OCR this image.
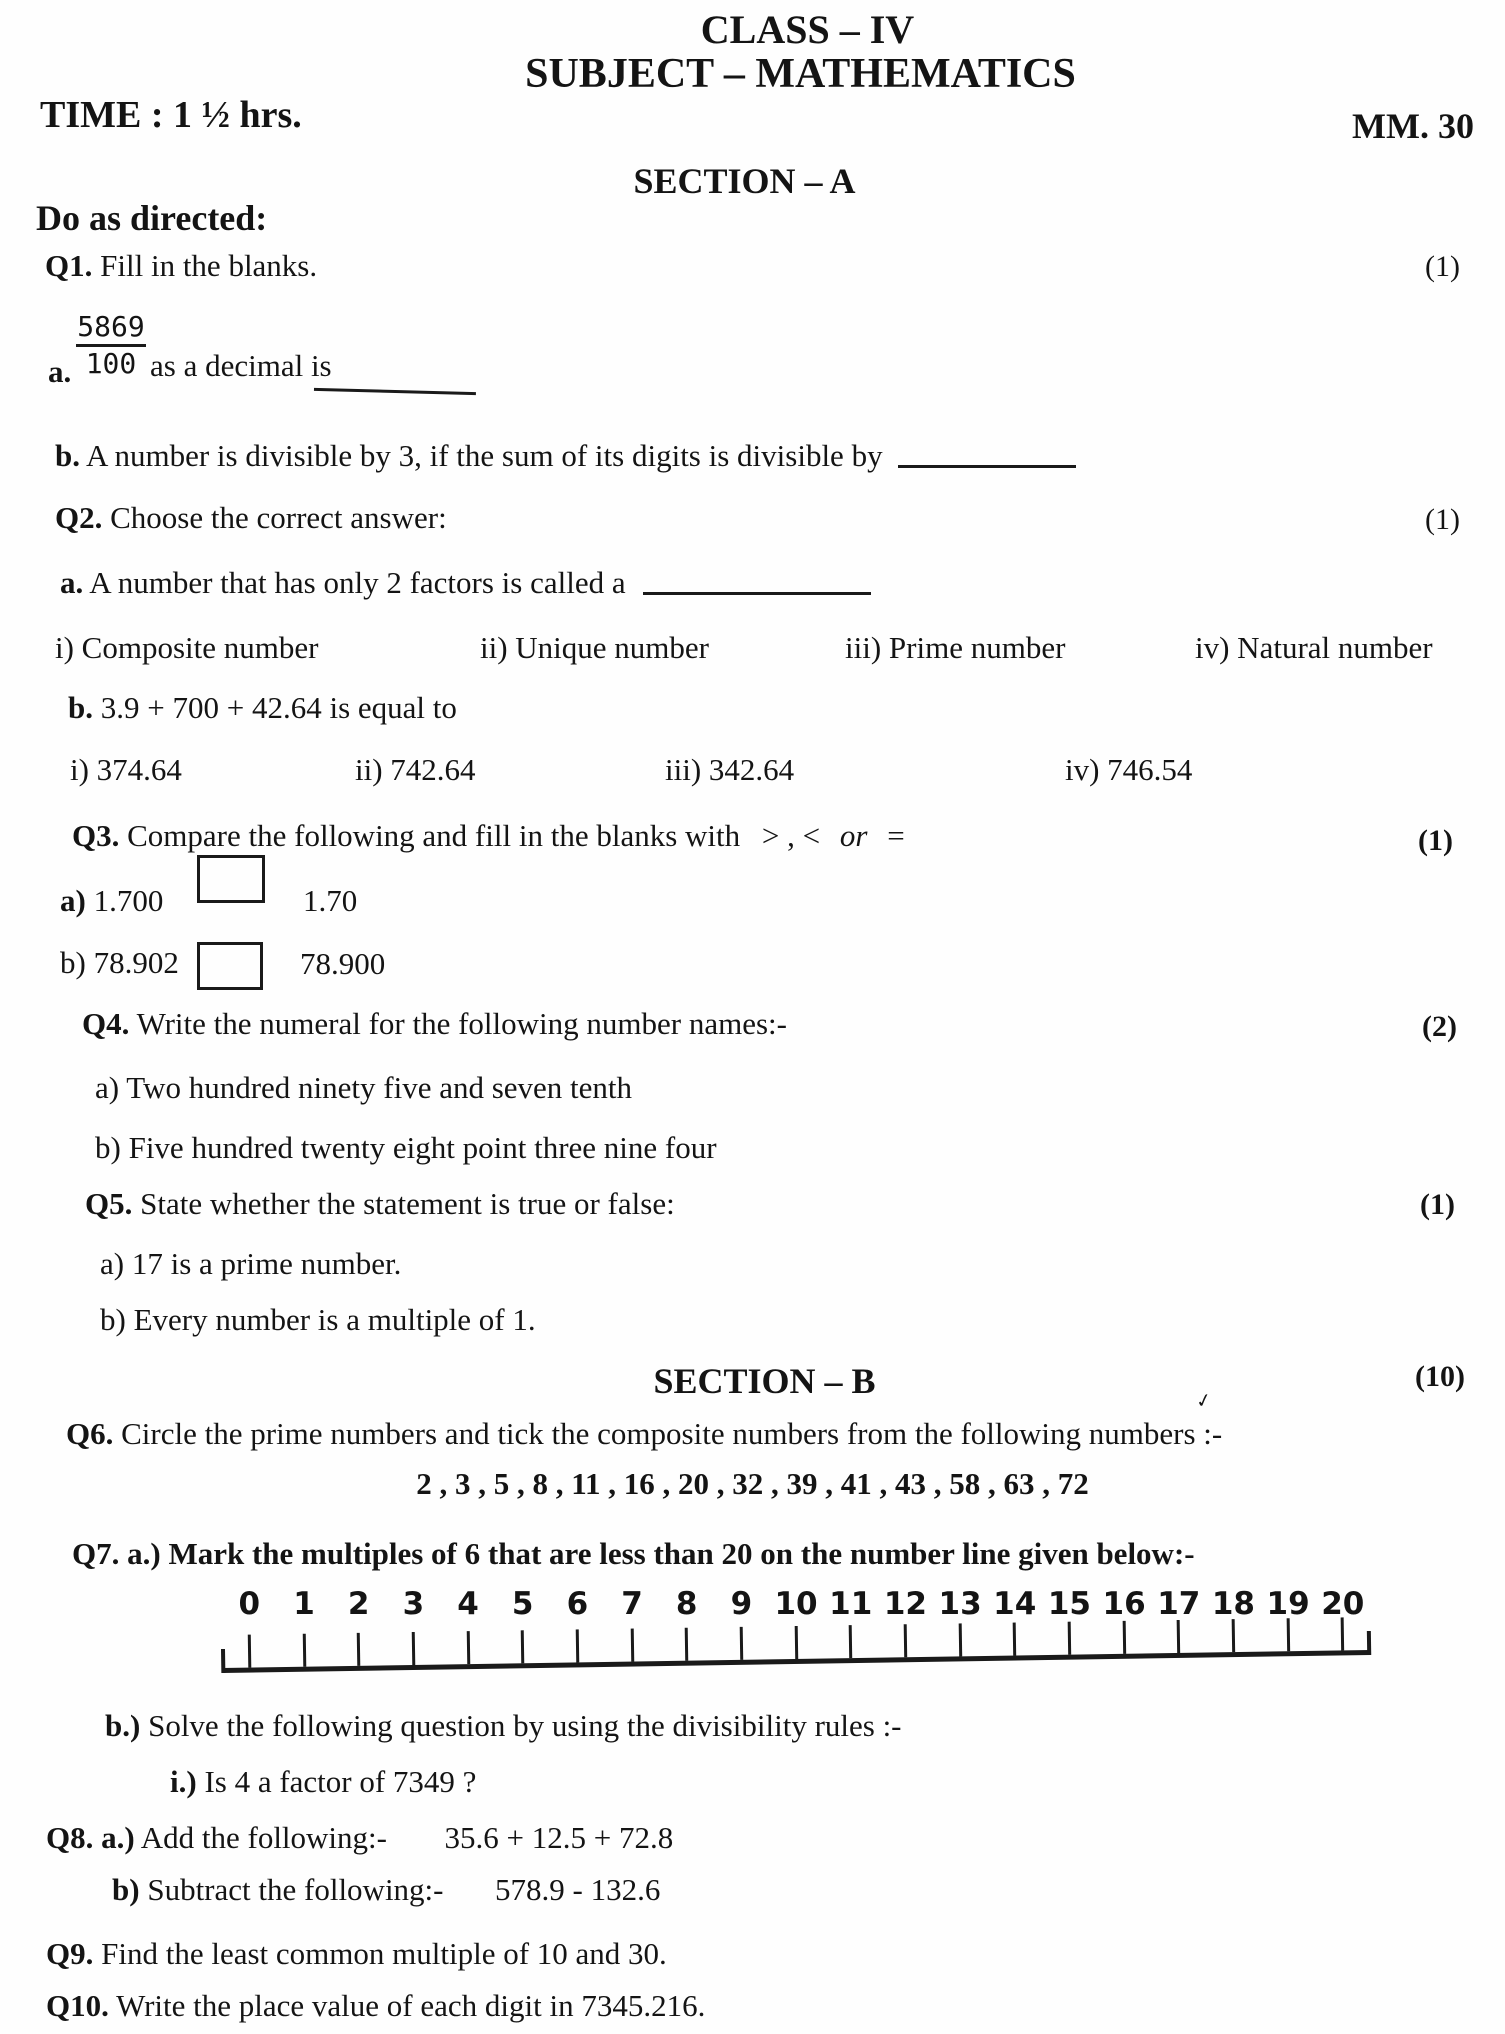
CLASS – IV
SUBJECT – MATHEMATICS
TIME : 1 ½ hrs.	MM. 30
SECTION – A
Do as directed:
Q1. Fill in the blanks.	(1)
a.
5869
100 as a decimal is
b. A number is divisible by 3, if the sum of its digits is divisible by
Q2. Choose the correct answer:	(1)
a. A number that has only 2 factors is called a
i) Composite number	ii) Unique number	iii) Prime number	iv) Natural number
b. 3.9 + 700 + 42.64 is equal to
i) 374.64	ii) 742.64	iii) 342.64	iv) 746.54
Q3. Compare the following and fill in the blanks with > , < or =	(1)
a) 1.700	1.70
b) 78.902	78.900
Q4. Write the numeral for the following number names:-	(2)
a) Two hundred ninety five and seven tenth
b) Five hundred twenty eight point three nine four
Q5. State whether the statement is true or false:	(1)
a) 17 is a prime number.
b) Every number is a multiple of 1.
SECTION – B	(10)
✓
Q6. Circle the prime numbers and tick the composite numbers from the following numbers :-
2 , 3 , 5 , 8 , 11 , 16 , 20 , 32 , 39 , 41 , 43 , 58 , 63 , 72
Q7. a.) Mark the multiples of 6 that are less than 20 on the number line given below:-
0	1	2	3	4	5	6	7	8	9 10 11 12 13 14 15 16 17 18 19 20
b.) Solve the following question by using the divisibility rules :-
i.) Is 4 a factor of 7349 ?
Q8. a.) Add the following:- 35.6 + 12.5 + 72.8
b) Subtract the following:- 578.9 - 132.6
Q9. Find the least common multiple of 10 and 30.
Q10. Write the place value of each digit in 7345.216.
